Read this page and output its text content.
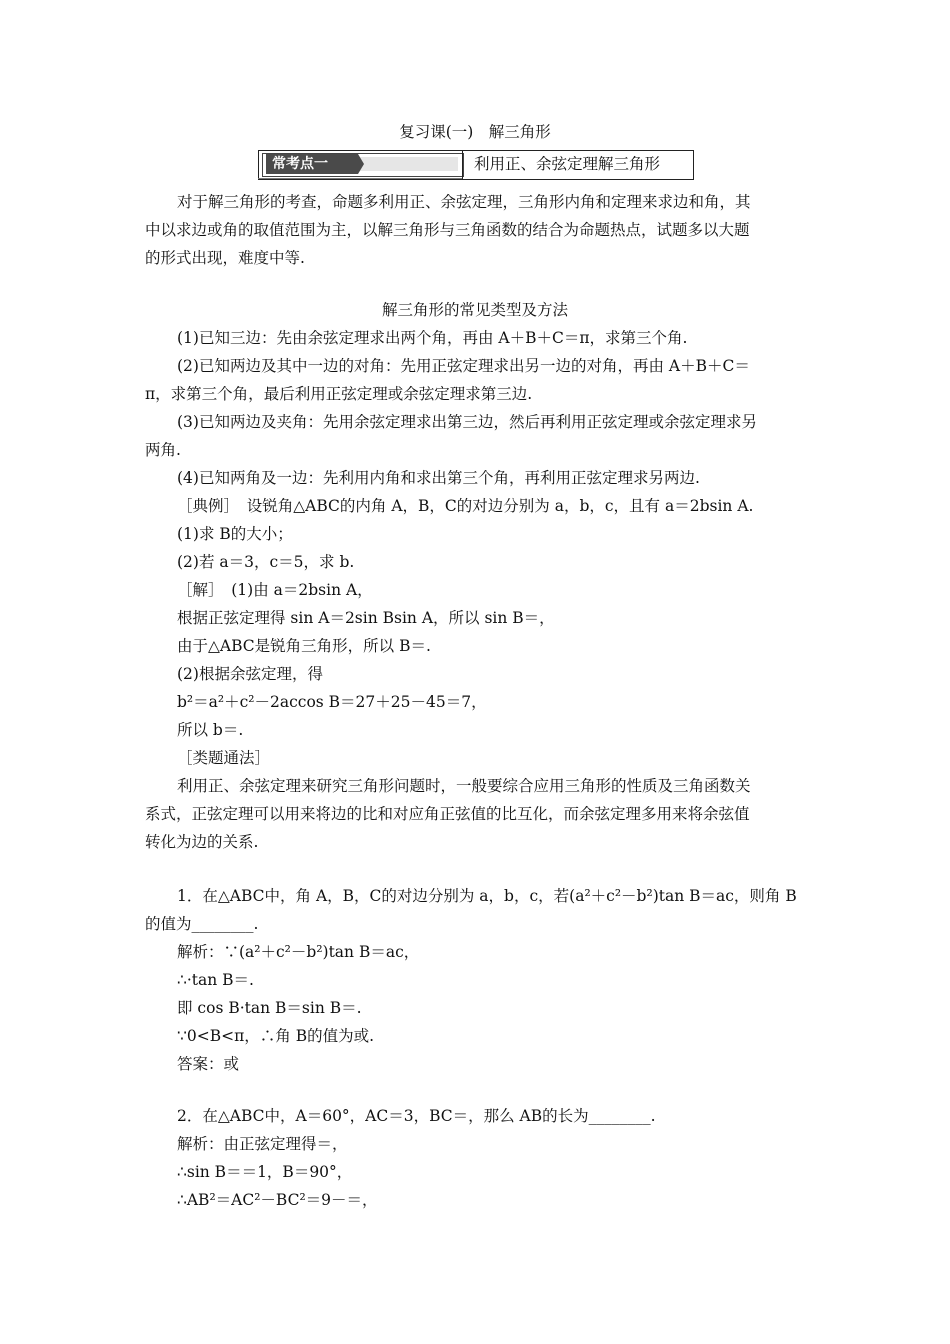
复习课(一)　解三角形
常考点一	利用正、余弦定理解三角形
对于解三角形的考查，命题多利用正、余弦定理，三角形内角和定理来求边和角，其
中以求边或角的取值范围为主，以解三角形与三角函数的结合为命题热点，试题多以大题
的形式出现，难度中等.
解三角形的常见类型及方法
(1)已知三边：先由余弦定理求出两个角，再由 A＋B＋C＝π，求第三个角.
(2)已知两边及其中一边的对角：先用正弦定理求出另一边的对角，再由 A＋B＋C＝
π，求第三个角，最后利用正弦定理或余弦定理求第三边.
(3)已知两边及夹角：先用余弦定理求出第三边，然后再利用正弦定理或余弦定理求另
两角.
(4)已知两角及一边：先利用内角和求出第三个角，再利用正弦定理求另两边.
［典例］　设锐角△ABC的内角 A，B，C的对边分别为 a，b，c，且有 a＝2bsin A.
(1)求 B的大小；
(2)若 a＝3，c＝5，求 b.
［解］　(1)由 a＝2bsin A，
根据正弦定理得 sin A＝2sin Bsin A，所以 sin B＝，
由于△ABC是锐角三角形，所以 B＝.
(2)根据余弦定理，得
b²＝a²＋c²－2accos B＝27＋25－45＝7，
所以 b＝.
［类题通法］
利用正、余弦定理来研究三角形问题时，一般要综合应用三角形的性质及三角函数关
系式，正弦定理可以用来将边的比和对应角正弦值的比互化，而余弦定理多用来将余弦值
转化为边的关系.
1．在△ABC中，角 A，B，C的对边分别为 a，b，c，若(a²＋c²－b²)tan B＝ac，则角 B
的值为________.
解析：∵(a²＋c²－b²)tan B＝ac，
∴·tan B＝.
即 cos B·tan B＝sin B＝.
∵0<B<π，∴角 B的值为或.
答案：或
2．在△ABC中，A＝60°，AC＝3，BC＝，那么 AB的长为________.
解析：由正弦定理得＝，
∴sin B＝＝1，B＝90°，
∴AB²＝AC²－BC²＝9－＝，
